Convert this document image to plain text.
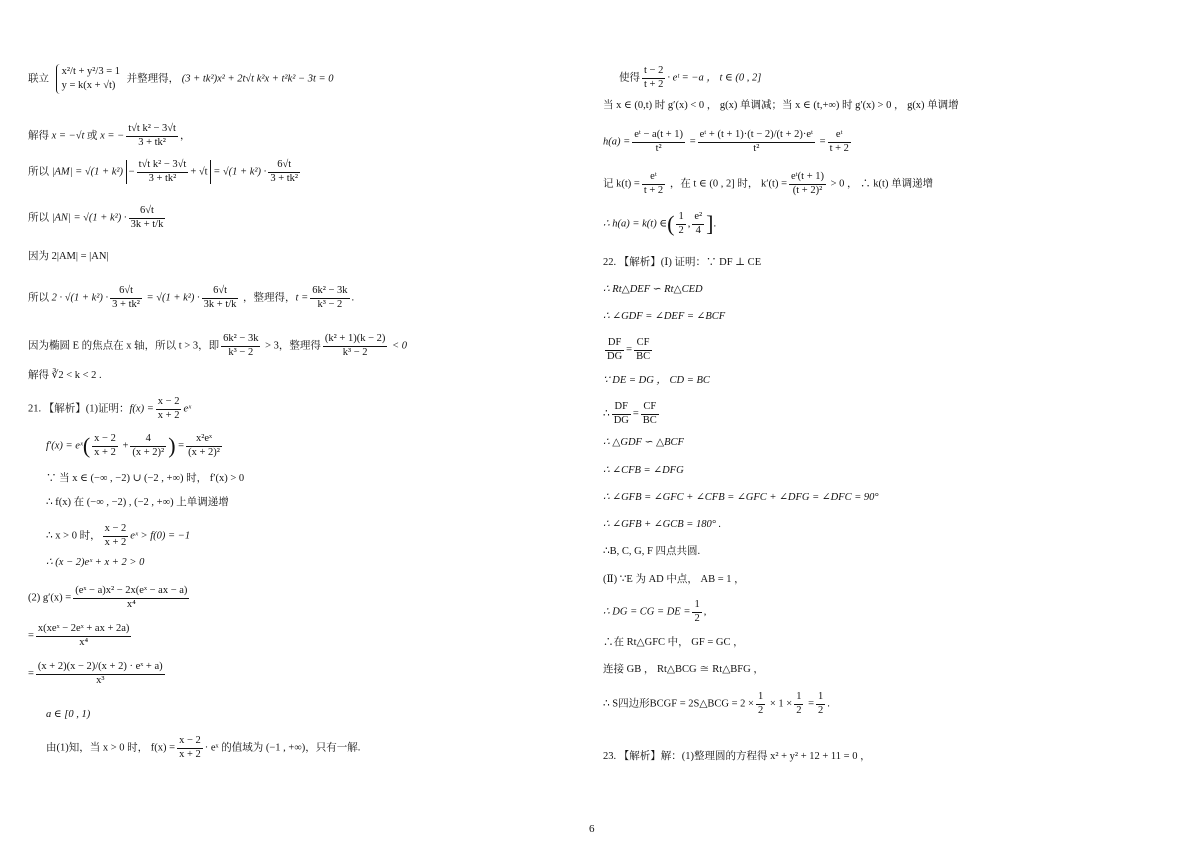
联立
x²/t + y²/3 = 1
y = k(x + √t)
并整理得， (3 + tk²)x² + 2t√t k²x + t²k² − 3t = 0
解得 x = −√t 或 x = − $\frac{\text{t√t k² − 3√t}}{\text{3 + tk²}}$ ，
所以 $|AM| = √(1 + k^2) - \frac{\text{t√t k² − 3√t}}{\text{3 + tk²}} + √t = √(1 + k^2) \cdot \frac{6√t}{\text{3 + tk²}}$
所以 $|AN| = √(1 + k^2) \cdot \frac{6√t}{3k + t/k}$
因为 2|AM| = |AN|
所以 $2 \cdot √(1 + k^2) \cdot \frac{6√t}{\text{3 + tk²}} = √(1 + k^2) \cdot \frac{6√t}{3k + t/k}$ ，整理得，$t = \frac{\text{6k² − 3k}}{\text{k³ − 2}}$ .
因为椭圆 E 的焦点在 x 轴，所以 t > 3，即 $\frac{\text{6k² − 3k}}{\text{k³ − 2}} > 3$，整理得 $\frac{\text{(k² + 1)(k − 2)}}{\text{k³ − 2}} < 0$
解得 ∛2 < k < 2 .
21. 【解析】(1)证明：$f(x) = \frac{x - 2}{x + 2}$ eˣ
f′(x) = eˣ( $\frac{x - 2}{x + 2} + \frac{4}{\text{(x + 2)²}}$ ) = $\frac{\text{x²eˣ}}{\text{(x + 2)²}}$
∵ 当 x ∈ (−∞ , −2) ∪ (−2 , +∞) 时， f′(x) > 0
∴ f(x) 在 (−∞ , −2) , (−2 , +∞) 上单调递增
∴ x > 0 时， $\frac{x - 2}{x + 2}$ eˣ > f(0) = −1
∴ (x − 2)eˣ + x + 2 > 0
(2) $g'(x) = \frac{\text{(eˣ − a)x² − 2x(eˣ − ax − a)}}{\text{x⁴}}$
= $\frac{\text{x(xeˣ − 2eˣ + ax + 2a)}}{\text{x⁴}}$
= $\frac{\text{(x + 2)(x − 2)/(x + 2) · eˣ + a)}}{\text{x³}}$
a ∈ [0 , 1)
由(1)知，当 x > 0 时， $f(x) = \frac{x - 2}{x + 2}$ · eˣ 的值域为 (−1 , +∞)，只有一解.
使得 $\frac{t - 2}{t + 2}$ · eᵗ = −a ， t ∈ (0 , 2]
当 x ∈ (0,t) 时 g′(x) < 0 ， g(x) 单调减；当 x ∈ (t,+∞) 时 g′(x) > 0 ， g(x) 单调增
$h(a) = \frac{\text{eᵗ − a(t + 1)}}{\text{t²}} = \frac{\text{eᵗ + (t + 1)·(t − 2)/(t + 2)·eᵗ}}{\text{t²}} = \frac{\text{eᵗ}}{t + 2}$
记 $k(t) = \frac{\text{eᵗ}}{t + 2}$ ，在 t ∈ (0 , 2] 时， $k'(t) = \frac{\text{eᵗ(t + 1)}}{\text{(t + 2)²}} > 0$ ， ∴ k(t) 单调递增
∴ h(a) = k(t) ∈( $\frac{1}{2}$ , $\frac{\text{e²}}{4}$ ].
22. 【解析】(Ⅰ) 证明：∵ DF ⊥ CE
∴ Rt△DEF ∽ Rt△CED
∴ ∠GDF = ∠DEF = ∠BCF
$\frac{DF}{DG} = \frac{CF}{BC}$
∵ DE = DG ， CD = BC
∴ $\frac{DF}{DG} = \frac{CF}{BC}$
∴ △GDF ∽ △BCF
∴ ∠CFB = ∠DFG
∴ ∠GFB = ∠GFC + ∠CFB = ∠GFC + ∠DFG = ∠DFC = 90°
∴ ∠GFB + ∠GCB = 180° .
∴B, C, G, F 四点共圆.
(Ⅱ) ∵E 为 AD 中点， AB = 1 ，
∴ DG = CG = DE = $\frac{1}{2}$ ,
∴在 Rt△GFC 中， GF = GC ，
连接 GB ， Rt△BCG ≅ Rt△BFG ，
∴ S四边形BCGF = 2S△BCG = $2 \times \frac{1}{2} \times 1 \times \frac{1}{2} = \frac{1}{2}$ .
23. 【解析】解：(1)整理圆的方程得 x² + y² + 12 + 11 = 0 ，
6
